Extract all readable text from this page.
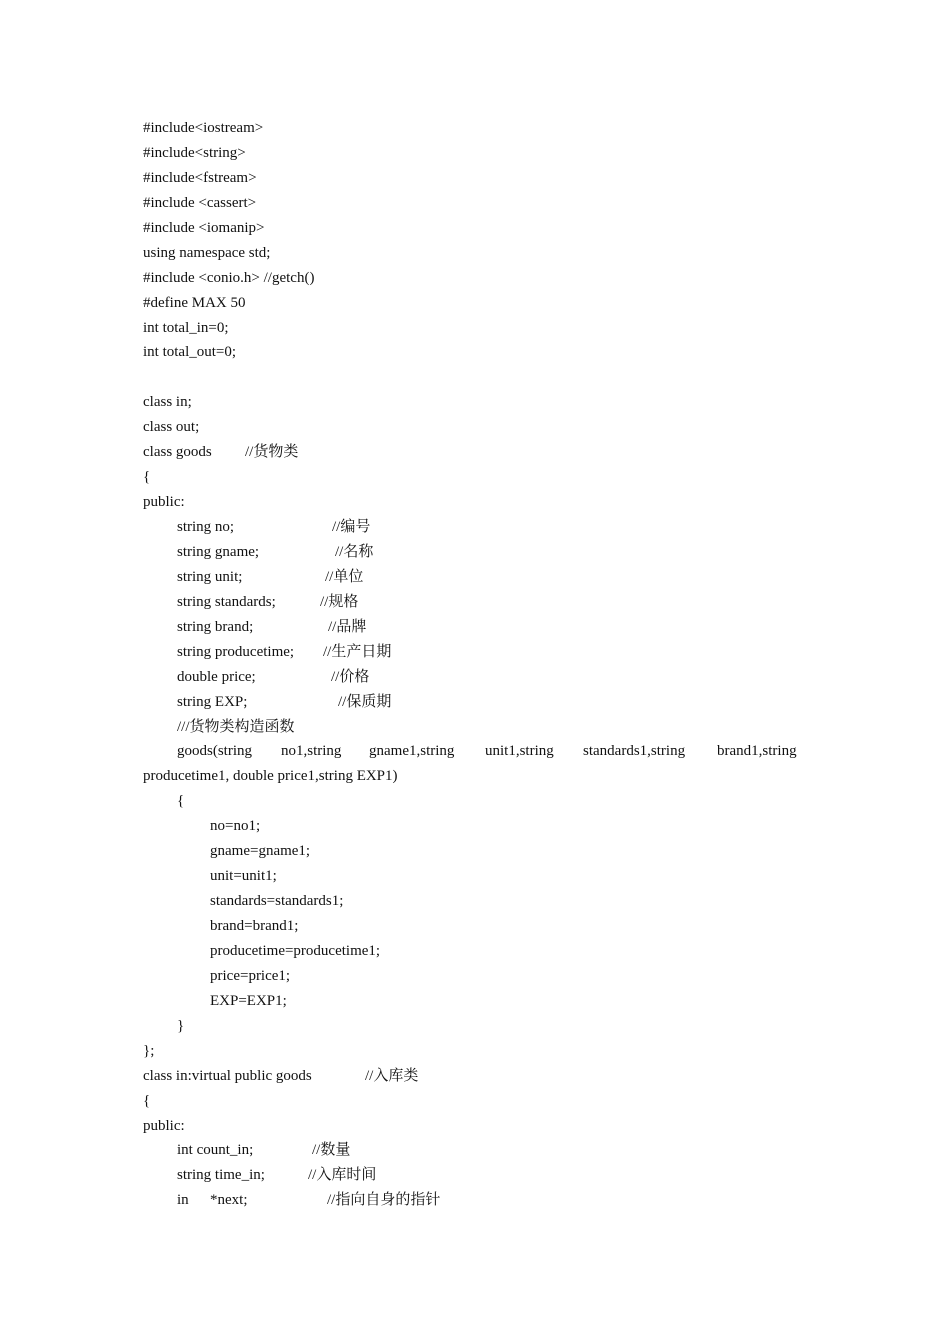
#include<iostream>
#include<string>
#include<fstream>
#include <cassert>
#include <iomanip>
using namespace std;
#include <conio.h> //getch()
#define MAX 50
int total_in=0;
int total_out=0;
class in;
class out;

class goods

//货物类

{
public:

string no;

	//编号

string gname;

	//名称

string unit;

	//单位

string standards;

	//规格

string brand;

	//品牌

string producetime;

//生产日期

double price;

	//价格

string EXP;

	//保质期

///货物类构造函数

goods(string

no1,string

gname1,string

unit1,string

standards1,string

brand1,string

producetime1, double price1,string EXP1)
{
no=no1;
gname=gname1;
unit=unit1;
standards=standards1;
brand=brand1;
producetime=producetime1;
price=price1;
EXP=EXP1;
}
};

class in:virtual public goods

	//入库类

{
public:

int count_in;

	//数量

string time_in;

	//入库时间

in

*next;

	//指向自身的指针
